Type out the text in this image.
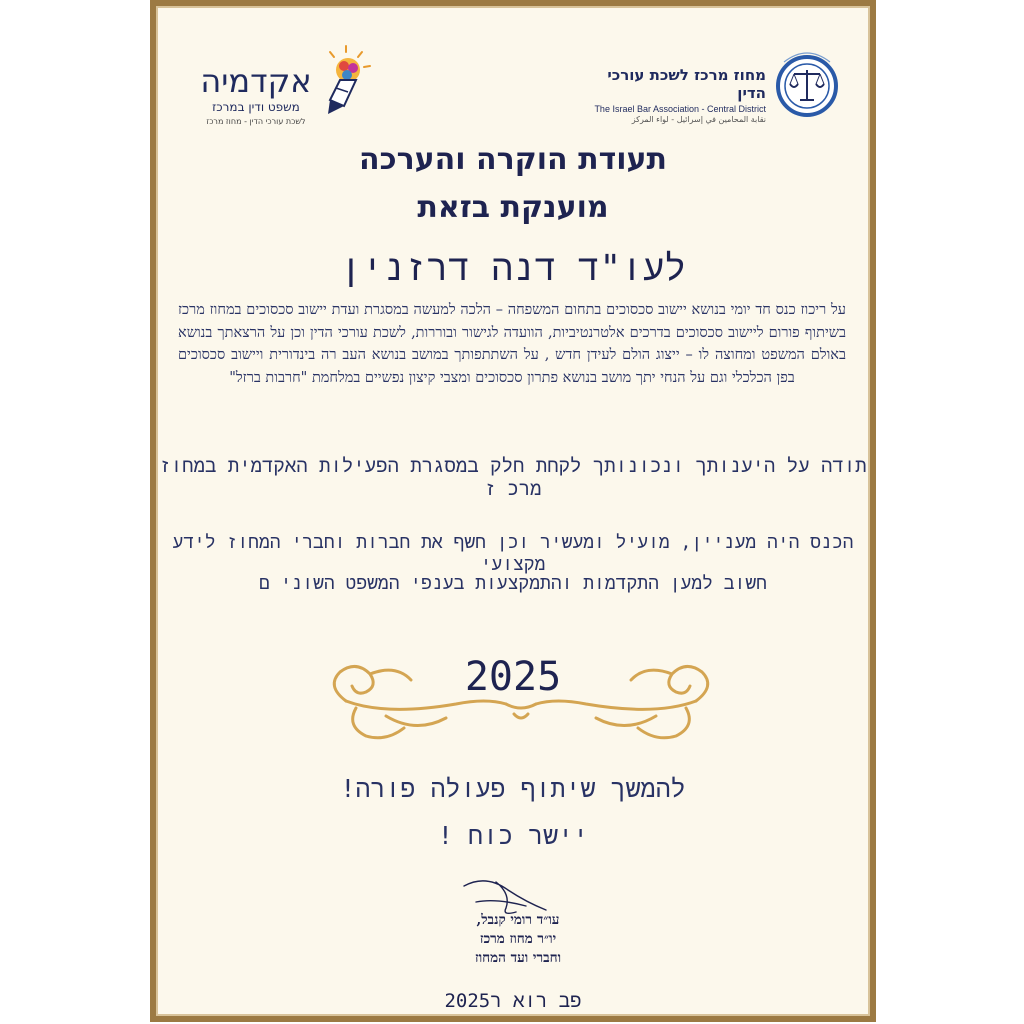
אקדמיה
משפט ודין במרכז
לשכת עורכי הדין - מחוז מרכז
מחוז מרכז לשכת עורכי הדין
The Israel Bar Association - Central District
نقابة المحامين في إسرائيل - لواء المركز
תעודת הוקרה והערכה
מוענקת בזאת
לעו"ד דנה דרזנין
על ריכוז כנס חד יומי בנושא יישוב סכסוכים בתחום המשפחה – הלכה למעשה במסגרת ועדת יישוב סכסוכים במחוז מרכז בשיתוף פורום ליישוב סכסוכים בדרכים אלטרנטיביות, הוועדה לגישור ובוררות, לשכת עורכי הדין וכן על הרצאתך בנושא באולם המשפט ומחוצה לו – ייצוג הולם לעידן חדש , על השתתפותך במושב בנושא העב רה בינדורית ויישוב סכסוכים בפן הכלכלי וגם על הנחי יתך מושב בנושא פתרון סכסוכים ומצבי קיצון נפשיים במלחמת "חרבות ברזל"
תודה על היענותך ונכונותך לקחת חלק במסגרת הפעילות האקדמית במחוז מרכ ז
הכנס היה מעניין, מועיל ומעשיר וכן חשף את חברות וחברי המחוז לידע מקצועי
חשוב למען התקדמות והתמקצעות בענפי המשפט השוני ם
2025
להמשך שיתוף פעולה פורה!
יישר כוח !
עו״ד רומי קנבל,
יו״ר מחוז מרכז
וחברי ועד המחוז
פב רוא ר2025
